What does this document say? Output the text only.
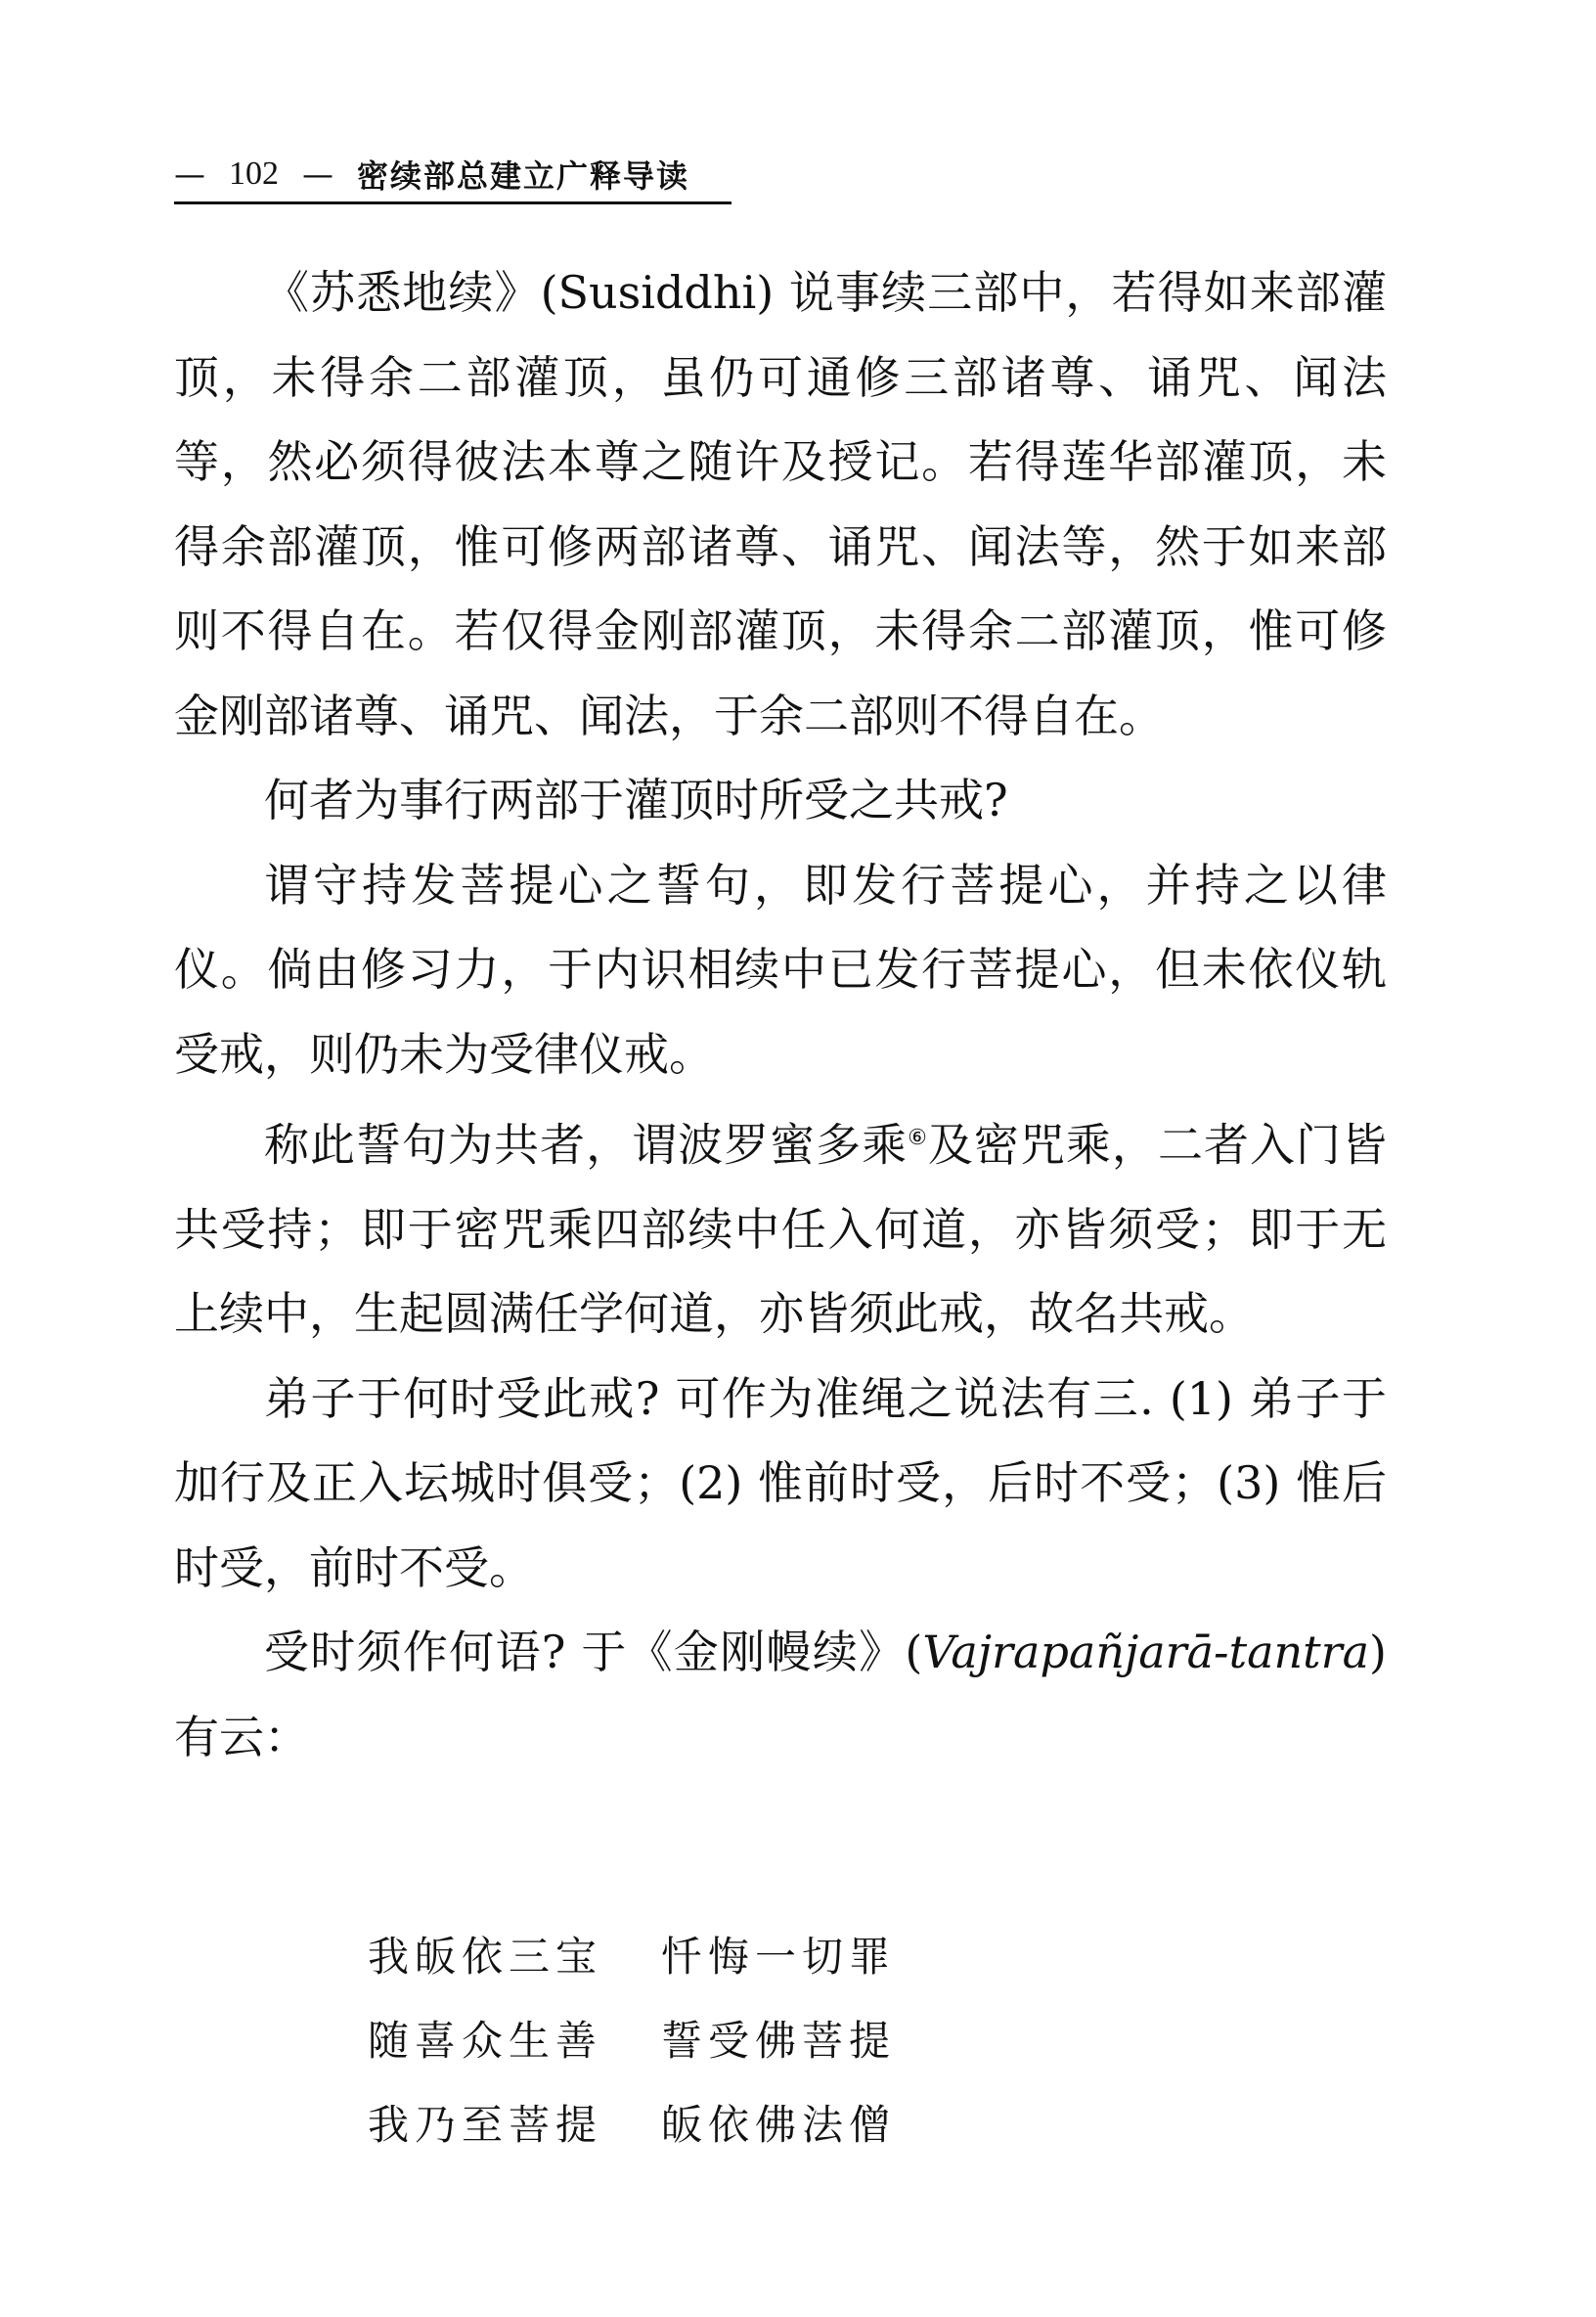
— 102 — 密续部总建立广释导读

《苏悉地续》(Susiddhi) 说事续三部中，若得如来部灌顶，未得余二部灌顶，虽仍可通修三部诸尊、诵咒、闻法等，然必须得彼法本尊之随许及授记。若得莲华部灌顶，未得余部灌顶，惟可修两部诸尊、诵咒、闻法等，然于如来部则不得自在。若仅得金刚部灌顶，未得余二部灌顶，惟可修金刚部诸尊、诵咒、闻法，于余二部则不得自在。

何者为事行两部于灌顶时所受之共戒?

谓守持发菩提心之誓句，即发行菩提心，并持之以律仪。倘由修习力，于内识相续中已发行菩提心，但未依仪轨受戒，则仍未为受律仪戒。

称此誓句为共者，谓波罗蜜多乘⑥及密咒乘，二者入门皆共受持；即于密咒乘四部续中任入何道，亦皆须受；即于无上续中，生起圆满任学何道，亦皆须此戒，故名共戒。

弟子于何时受此戒? 可作为准绳之说法有三. (1) 弟子于加行及正入坛城时俱受；(2) 惟前时受，后时不受；(3) 惟后时受，前时不受。

受时须作何语? 于《金刚幔续》(Vajrapañjarā-tantra) 有云：

我皈依三宝	忏悔一切罪
随喜众生善	誓受佛菩提
我乃至菩提	皈依佛法僧
